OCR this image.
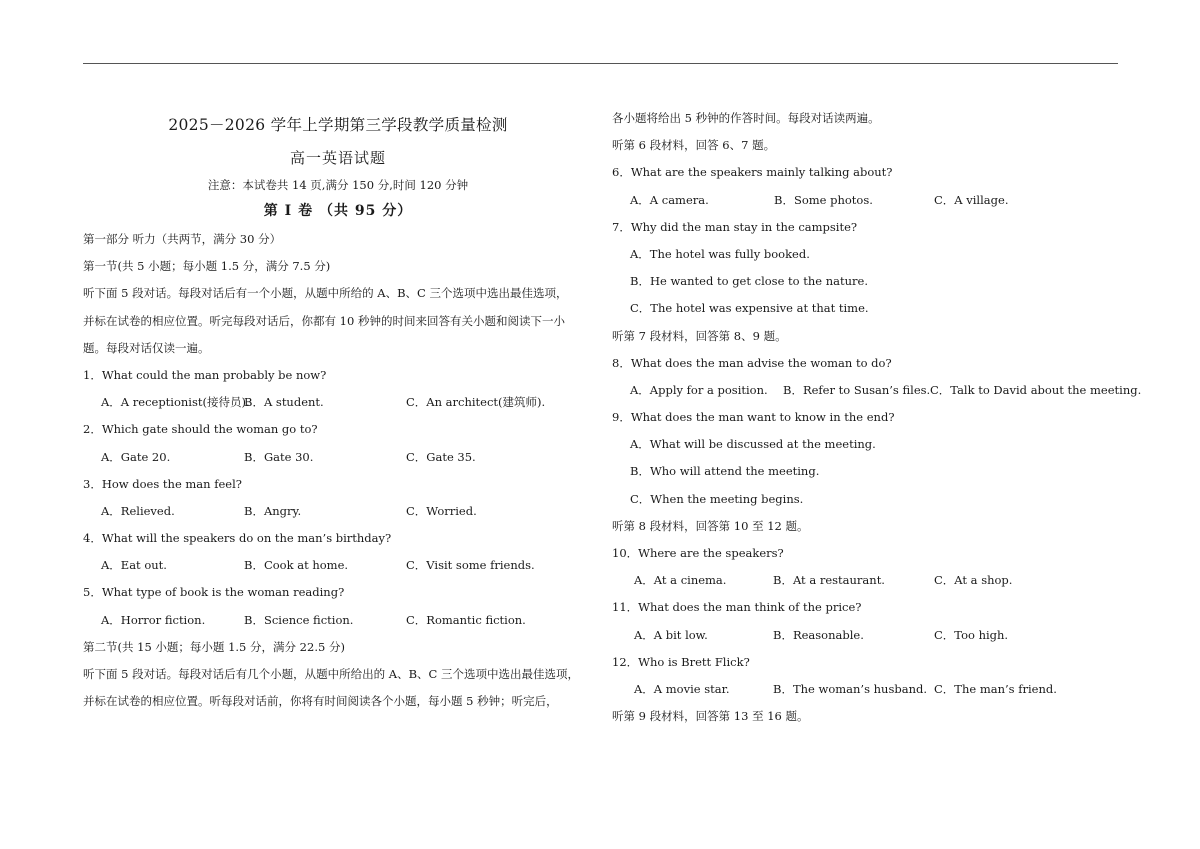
2025－2026 学年上学期第三学段教学质量检测
高一英语试题
注意：本试卷共 14 页,满分 150 分,时间 120 分钟
第 I 卷 （共 95 分）
第一部分 听力（共两节，满分 30 分）
第一节(共 5 小题；每小题 1.5 分，满分 7.5 分)
听下面 5 段对话。每段对话后有一个小题，从题中所给的 A、B、C 三个选项中选出最佳选项，
并标在试卷的相应位置。听完每段对话后，你都有 10 秒钟的时间来回答有关小题和阅读下一小
题。每段对话仅读一遍。
1．What could the man probably be now?
A．A receptionist(接待员).
B．A student.	C．An architect(建筑师).
2．Which gate should the woman go to?
A．Gate 20.	B．Gate 30.	C．Gate 35.
3．How does the man feel?
A．Relieved.	B．Angry.	C．Worried.
4．What will the speakers do on the man’s birthday?
A．Eat out.	B．Cook at home.	C．Visit some friends.
5．What type of book is the woman reading?
A．Horror fiction.	B．Science fiction.	C．Romantic fiction.
第二节(共 15 小题；每小题 1.5 分，满分 22.5 分)
听下面 5 段对话。每段对话后有几个小题，从题中所给出的 A、B、C 三个选项中选出最佳选项，
并标在试卷的相应位置。听每段对话前，你将有时间阅读各个小题，每小题 5 秒钟；听完后，
各小题将给出 5 秒钟的作答时间。每段对话读两遍。
听第 6 段材料，回答 6、7 题。
6．What are the speakers mainly talking about?
A．A camera.	B．Some photos.	C．A village.
7．Why did the man stay in the campsite?
A．The hotel was fully booked.
B．He wanted to get close to the nature.
C．The hotel was expensive at that time.
听第 7 段材料，回答第 8、9 题。
8．What does the man advise the woman to do?
A．Apply for a position. B．Refer to Susan’s files. C．Talk to David about the meeting.
9．What does the man want to know in the end?
A．What will be discussed at the meeting.
B．Who will attend the meeting.
C．When the meeting begins.
听第 8 段材料，回答第 10 至 12 题。
10．Where are the speakers?
A．At a cinema.	B．At a restaurant.	C．At a shop.
11．What does the man think of the price?
A．A bit low.	B．Reasonable.	C．Too high.
12．Who is Brett Flick?
A．A movie star.	B．The woman’s husband. C．The man’s friend.
听第 9 段材料，回答第 13 至 16 题。
